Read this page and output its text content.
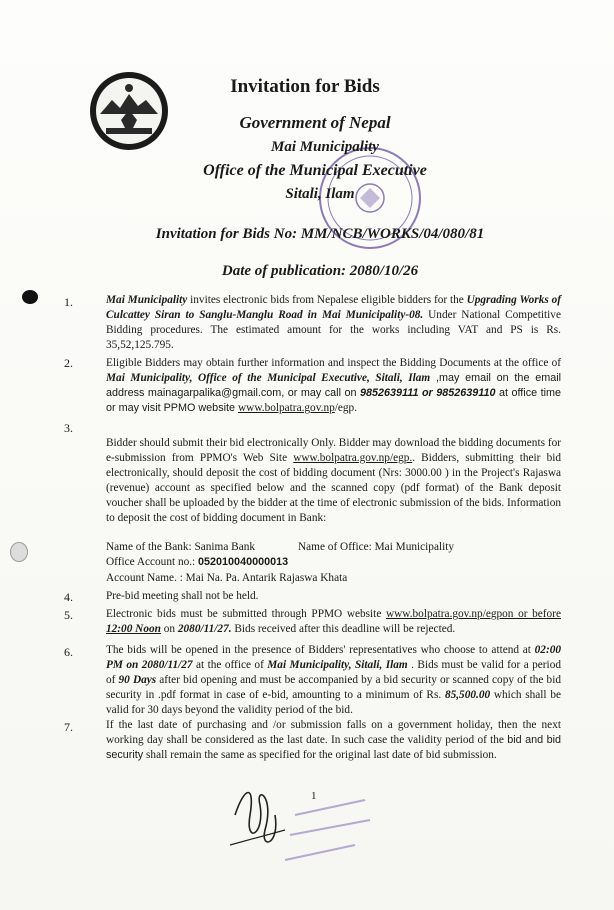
Invitation for Bids
Government of Nepal
Mai Municipality
Office of the Municipal Executive
Sitali, Ilam
Invitation for Bids No: MM/NCB/WORKS/04/080/81
Date of publication: 2080/10/26
1.
2.
3.
4.
5.
6.
7.
Mai Municipality invites electronic bids from Nepalese eligible bidders for the Upgrading Works of Culcattey Siran to Sanglu-Manglu Road in Mai Municipality-08. Under National Competitive Bidding procedures. The estimated amount for the works including VAT and PS is Rs. 35,52,125.795.
Eligible Bidders may obtain further information and inspect the Bidding Documents at the office of Mai Municipality, Office of the Municipal Executive, Sitali, Ilam ,may email on the email address mainagarpalika@gmail.com, or may call on 9852639111 or 9852639110 at office time or may visit PPMO website www.bolpatra.gov.np/egp.
Bidder should submit their bid electronically Only. Bidder may download the bidding documents for e-submission from PPMO's Web Site www.bolpatra.gov.np/egp.. Bidders, submitting their bid electronically, should deposit the cost of bidding document (Nrs: 3000.00 ) in the Project's Rajaswa (revenue) account as specified below and the scanned copy (pdf format) of the Bank deposit voucher shall be uploaded by the bidder at the time of electronic submission of the bids. Information to deposit the cost of bidding document in Bank:
Name of the Bank: Sanima Bank	Name of Office: Mai Municipality
Office Account no.: 052010040000013
Account Name. : Mai Na. Pa. Antarik Rajaswa Khata
Pre-bid meeting shall not be held.
Electronic bids must be submitted through PPMO website www.bolpatra.gov.np/egpon or before 12:00 Noon on 2080/11/27. Bids received after this deadline will be rejected.
The bids will be opened in the presence of Bidders' representatives who choose to attend at 02:00 PM on 2080/11/27 at the office of Mai Municipality, Sitali, Ilam . Bids must be valid for a period of 90 Days after bid opening and must be accompanied by a bid security or scanned copy of the bid security in .pdf format in case of e-bid, amounting to a minimum of Rs. 85,500.00 which shall be valid for 30 days beyond the validity period of the bid.
If the last date of purchasing and /or submission falls on a government holiday, then the next working day shall be considered as the last date. In such case the validity period of the bid and bid security shall remain the same as specified for the original last date of bid submission.
1
